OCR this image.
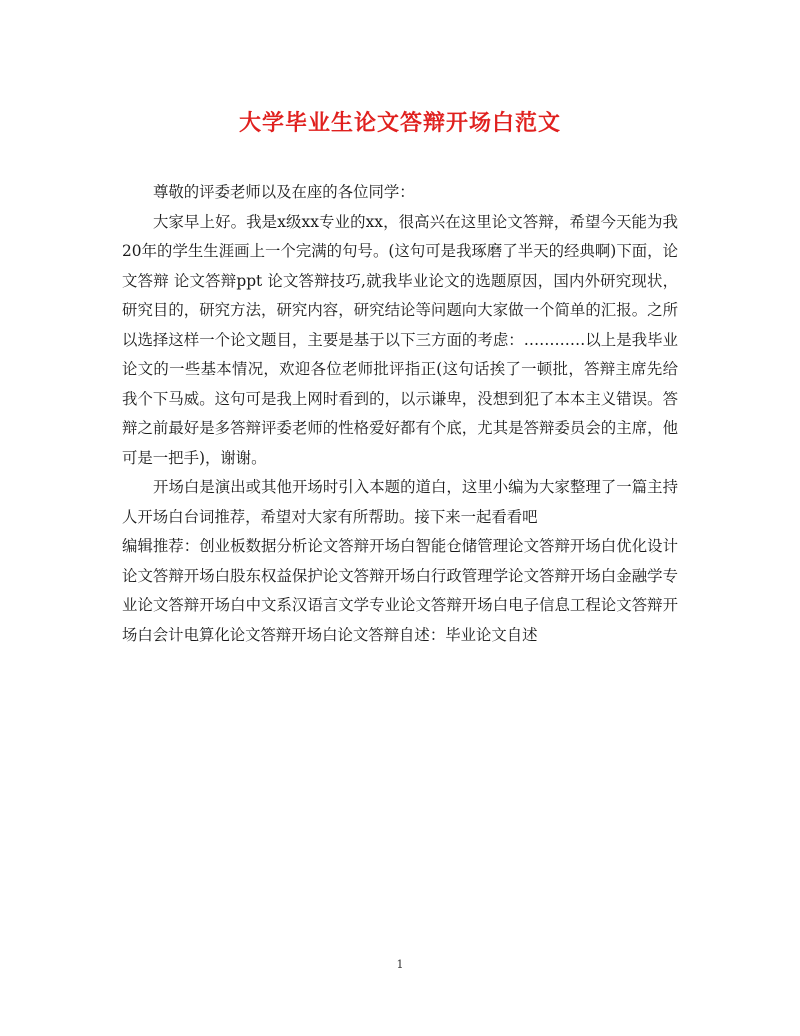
大学毕业生论文答辩开场白范文

尊敬的评委老师以及在座的各位同学：

大家早上好。我是x级xx专业的xx，很高兴在这里论文答辩，希望今天能为我20年的学生生涯画上一个完满的句号。(这句可是我琢磨了半天的经典啊)下面，论文答辩 论文答辩ppt 论文答辩技巧,就我毕业论文的选题原因，国内外研究现状，研究目的，研究方法，研究内容，研究结论等问题向大家做一个简单的汇报。之所以选择这样一个论文题目，主要是基于以下三方面的考虑：…………以上是我毕业论文的一些基本情况，欢迎各位老师批评指正(这句话挨了一顿批，答辩主席先给我个下马威。这句可是我上网时看到的，以示谦卑，没想到犯了本本主义错误。答辩之前最好是多答辩评委老师的性格爱好都有个底，尤其是答辩委员会的主席，他可是一把手)，谢谢。

开场白是演出或其他开场时引入本题的道白，这里小编为大家整理了一篇主持人开场白台词推荐，希望对大家有所帮助。接下来一起看看吧

编辑推荐：创业板数据分析论文答辩开场白智能仓储管理论文答辩开场白优化设计论文答辩开场白股东权益保护论文答辩开场白行政管理学论文答辩开场白金融学专业论文答辩开场白中文系汉语言文学专业论文答辩开场白电子信息工程论文答辩开场白会计电算化论文答辩开场白论文答辩自述：毕业论文自述

1
